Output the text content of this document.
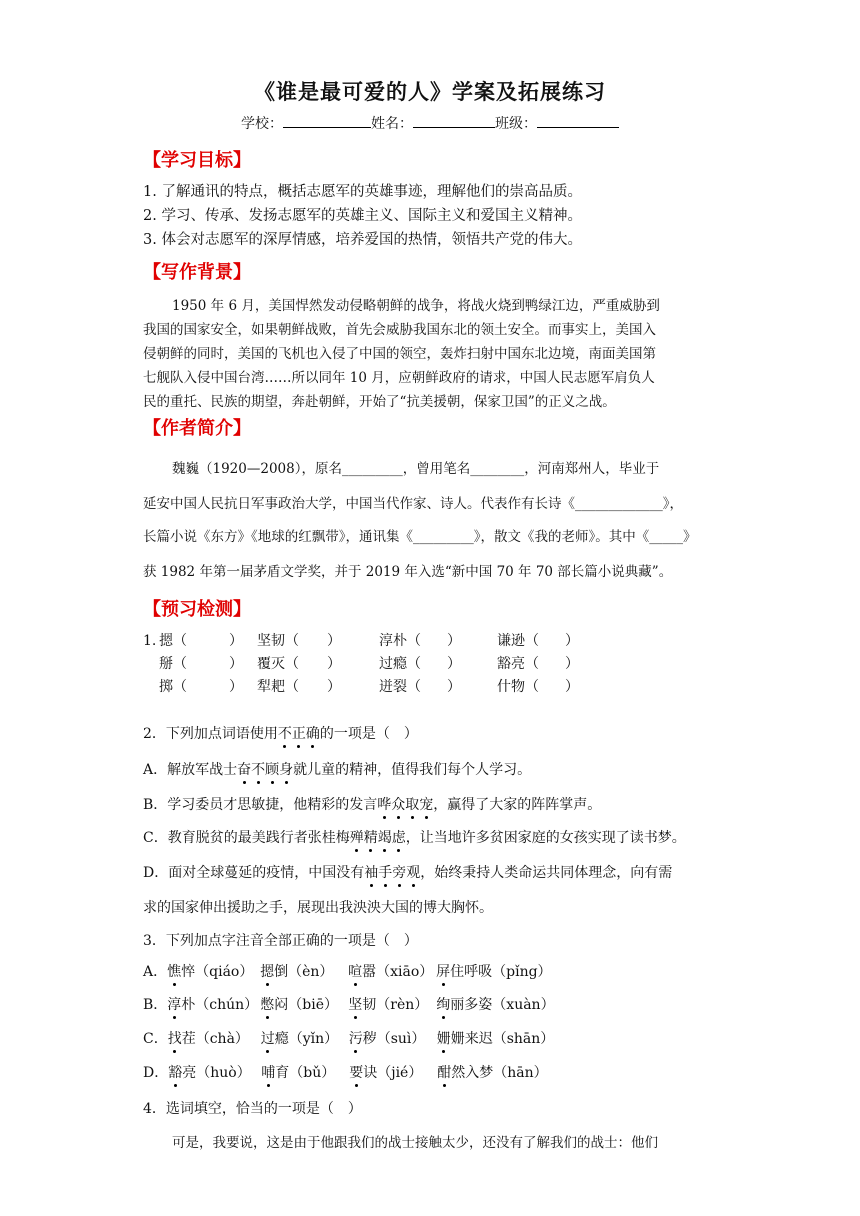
《谁是最可爱的人》学案及拓展练习
学校：	姓名：	班级：
【学习目标】
1. 了解通讯的特点，概括志愿军的英雄事迹，理解他们的崇高品质。
2. 学习、传承、发扬志愿军的英雄主义、国际主义和爱国主义精神。
3. 体会对志愿军的深厚情感，培养爱国的热情，领悟共产党的伟大。
【写作背景】
1950 年 6 月，美国悍然发动侵略朝鲜的战争，将战火烧到鸭绿江边，严重威胁到
我国的国家安全，如果朝鲜战败，首先会威胁我国东北的领土安全。而事实上，美国入
侵朝鲜的同时，美国的飞机也入侵了中国的领空，轰炸扫射中国东北边境，南面美国第
七舰队入侵中国台湾……所以同年 10 月，应朝鲜政府的请求，中国人民志愿军肩负人
民的重托、民族的期望，奔赴朝鲜，开始了“抗美援朝，保家卫国”的正义之战。
【作者简介】
魏巍（1920—2008），原名_________，曾用笔名________，河南郑州人，毕业于
延安中国人民抗日军事政治大学，中国当代作家、诗人。代表作有长诗《_____________》，
长篇小说《东方》《地球的红飘带》，通讯集《_________》，散文《我的老师》。其中《_____》
获 1982 年第一届茅盾文学奖，并于 2019 年入选“新中国 70 年 70 部长篇小说典藏”。
【预习检测】
1. 摁（	） 坚韧（ ）	淳朴（ ）	谦逊（ ）
掰（	） 覆灭（ ）	过瘾（ ）	豁亮（ ）
掷（	） 犁耙（ ）	迸裂（ ）	什物（ ）
2．下列加点词语使用不正确的一项是（　）
A．解放军战士奋不顾身就儿童的精神，值得我们每个人学习。
B．学习委员才思敏捷，他精彩的发言哗众取宠，赢得了大家的阵阵掌声。
C．教育脱贫的最美践行者张桂梅殚精竭虑，让当地许多贫困家庭的女孩实现了读书梦。
D．面对全球蔓延的疫情，中国没有袖手旁观，始终秉持人类命运共同体理念，向有需
求的国家伸出援助之手，展现出我泱泱大国的博大胸怀。
3．下列加点字注音全部正确的一项是（　）
A．憔悴（qiáo） 摁倒（èn） 喧嚣（xiāo） 屏住呼吸（pǐng）
B．淳朴（chún） 憋闷（biē） 坚韧（rèn） 绚丽多姿（xuàn）
C．找茬（chà） 过瘾（yǐn） 污秽（suì） 姗姗来迟（shān）
D．豁亮（huò） 哺育（bǔ） 要诀（jié） 酣然入梦（hān）
4．选词填空，恰当的一项是（　）
可是，我要说，这是由于他跟我们的战士接触太少，还没有了解我们的战士：他们
